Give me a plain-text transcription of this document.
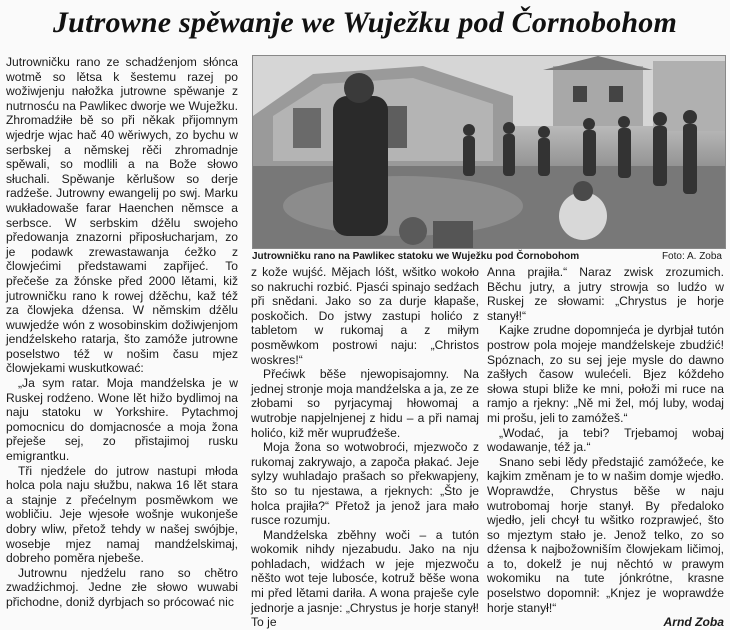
Jutrowne spěwanje we Wuježku pod Čornobohom

Jutrowničku rano ze schadźenjom słónca wotmě so lětsa k šestemu razej po wožiwjenju nałožka jutrowne spěwanje z nutrnosću na Pawlikec dworje we Wuježku. Zhromadźiłe bě so při někak přijomnym wjedrje wjac hač 40 wěriwych, zo bychu w serbskej a němskej rěči zhromadnje spěwali, so modlili a na Bože słowo słuchali. Spěwanje kěrlušow so derje radźeše. Jutrowny ewangelij po swj. Marku wukładowaše farar Haenchen němsce a serbsce. W serbskim dźělu swojeho předowanja znazorni připosłucharjam, zo je podawk zrewastawanja ćežko z člowjećimi předstawami zapřijeć. To přečeše za žónske před 2000 lětami, kiž jutrowničku rano k rowej dźěchu, kaž též za člowjeka dźensa. W němskim dźělu wuwjedźe wón z wosobinskim dožiwjenjom jendźelskeho ratarja, što zamóže jutrowne poselstwo též w nošim času mjez člowjekami wuskutkować:

„Ja sym ratar. Moja mandźelska je w Ruskej rodźeno. Wone lět hižo bydlimoj na naju statoku w Yorkshire. Pytachmoj pomocnicu do domjacnosće a moja žona přeješe sej, zo přistajimoj rusku emigrantku.

Tři njedźele do jutrow nastupi młoda holca pola naju słužbu, nakwa 16 lět stara a stajnje z přećelnym posměwkom we wobličiu. Jeje wjesołe wošnje wukonješe dobry wliw, přetož tehdy w našej swójbje, wosebje mjez namaj mandźelskimaj, dobreho poměra njebeše.

Jutrownu njedźelu rano so chětro zwadźichmoj. Jedne złe słowo wuwabi přichodne, doniž dyrbjach so prócować nic

Jutrowničku rano na Pawlikec statoku we Wuježku pod Čornobohom	Foto: A. Zoba

z kože wujść. Mějach lóšt, wšitko wokoło so nakruchi rozbić. Pjasći spinajo sedźach při snědani. Jako so za durje kłapaše, poskočich. Do jstwy zastupi holićo z tabletom w rukomaj a z miłym posměwkom postrowi naju: „Christos woskres!“

Přećiwk běše njewopisajomny. Na jednej stronje moja mandźelska a ja, ze ze złobami so pyrjacymaj hłowomaj a wutrobje napjelnjenej z hidu – a při namaj holićo, kiž měr wupruđźeše.

Moja žona so wotwobroći, mjezwočo z rukomaj zakrywajo, a započa płakać. Jeje sylzy wuhladajo prašach so překwapjeny, što so tu njestawa, a rjeknych: „Što je holca prajiła?“ Přetož ja jenož jara mało rusce rozumju.

Mandźelska zběhny woči – a tutón wokomik nihdy njezabudu. Jako na nju pohladach, widźach w jeje mjezwoču něšto wot teje lubosće, kotruž běše wona mi před lětami dariła. A wona praješe cyle jednorje a jasnje: „Chrystus je horje stanył! To je

Anna prajiła.“ Naraz zwisk zrozumich. Běchu jutry, a jutry strowja so ludźo w Ruskej ze słowami: „Chrystus je horje stanył!“

Kajke zrudne dopomnjeća je dyrbjał tutón postrow pola mojeje mandźelskeje zbudźić! Spóznach, zo su sej jeje mysle do dawno zašłych časow wulećeli. Bjez kóždeho słowa stupi bliže ke mni, połoži mi ruce na ramjo a rjekny: „Ně mi žel, mój luby, wodaj mi prošu, jeli to zamóžeš.“

„Wodać, ja tebi? Trjebamoj wobaj wodawanje, též ja.“

Snano sebi lědy předstajić zamóžeće, ke kajkim změnam je to w našim domje wjedło. Woprawdźe, Chrystus běše w naju wutrobomaj horje stanył. By předaloko wjedło, jeli chcył tu wšitko rozprawjeć, što so mjeztym stało je. Jenož telko, zo so dźensa k najbožowniším člowjekam ličimoj, a to, dokelž je nuj něchtó w prawym wokomiku na tute jónkrótne, krasne poselstwo dopomnił: „Knjez je woprawdźe horje stanył!“

Arnd Zoba
